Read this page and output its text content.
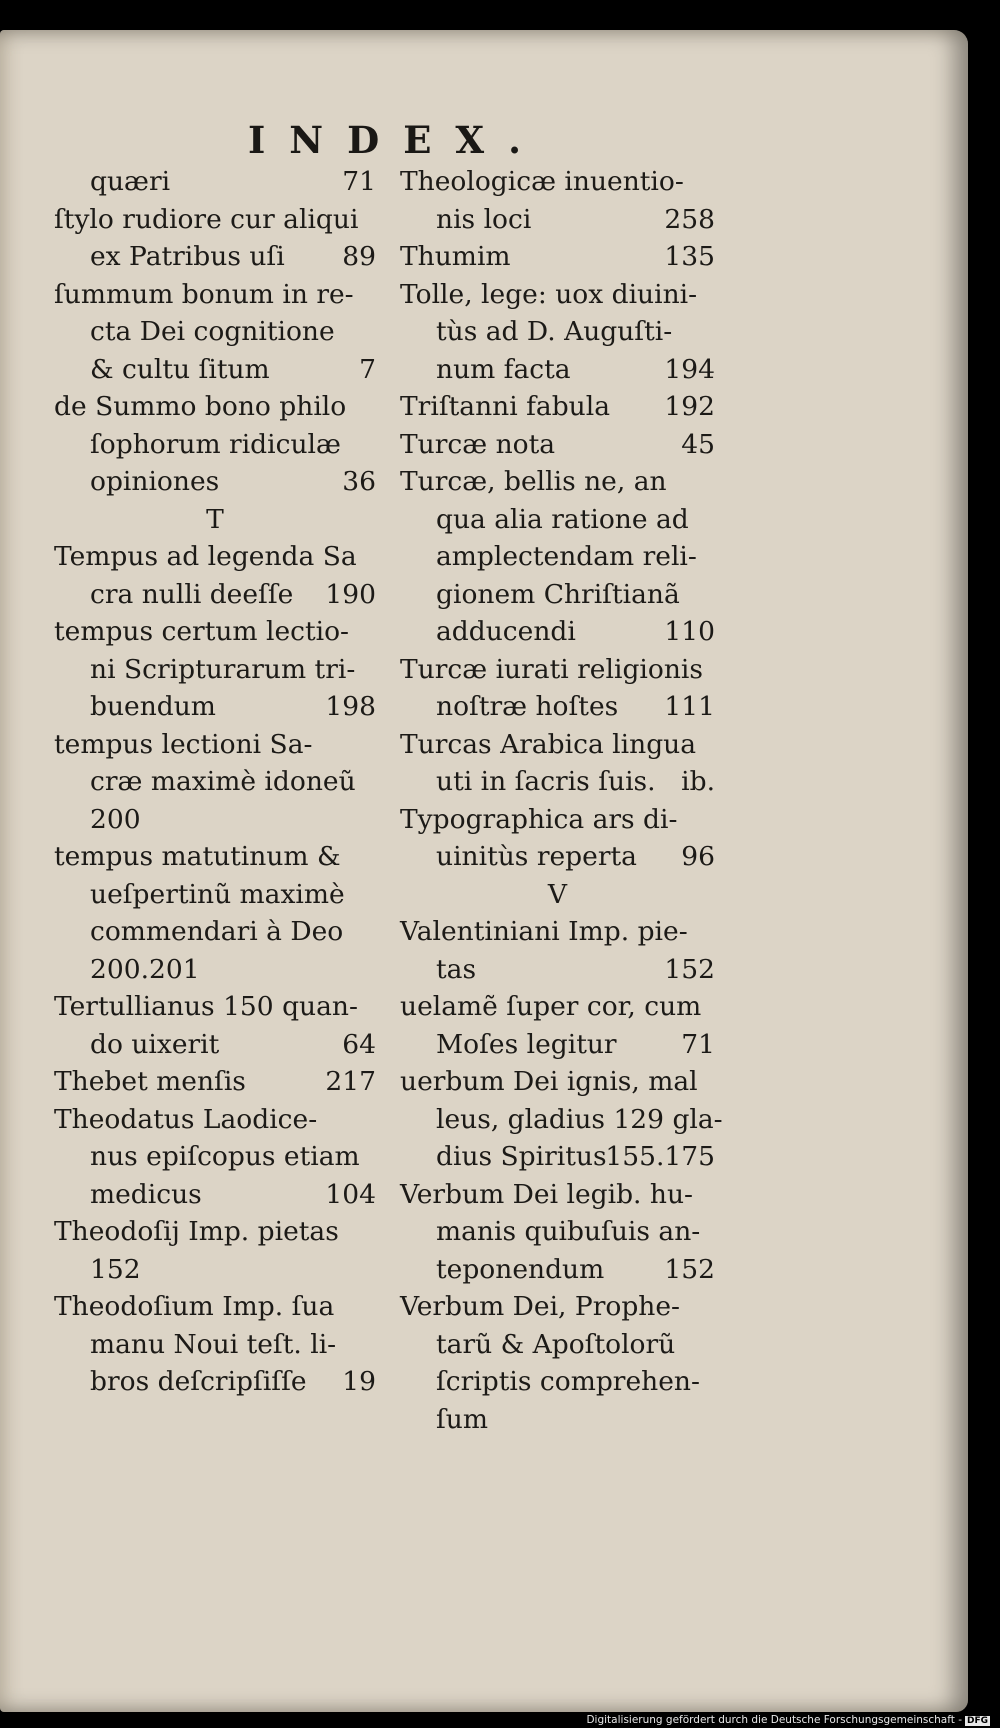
INDEX.
quæri	71
ſtylo rudiore cur aliqui
ex Patribus uſi 89
ſummum bonum in re-
cta Dei cognitione
& cultu ſitum	7
de Summo bono philo
ſophorum ridiculæ
opiniones	36
T
Tempus ad legenda Sa
cra nulli deeſſe 190
tempus certum lectio-
ni Scripturarum tri-
buendum	198
tempus lectioni Sa-
cræ maximè idoneũ
200
tempus matutinum &
ueſpertinũ maximè
commendari à Deo
200.201
Tertullianus 150 quan-
do uixerit	64
Thebet menſis	217
Theodatus Laodice-
nus epiſcopus etiam
medicus	104
Theodoſij Imp. pietas
152
Theodoſium Imp. ſua
manu Noui teſt. li-
bros deſcripſiſſe 19
Theologicæ inuentio-
nis loci	258
Thumim	135
Tolle, lege: uox diuini-
tùs ad D. Auguſti-
num facta	194
Triſtanni fabula 192
Turcæ nota	45
Turcæ, bellis ne, an
qua alia ratione ad
amplectendam reli-
gionem Chriſtianã
adducendi	110
Turcæ iurati religionis
noſtræ hoſtes 111
Turcas Arabica lingua
uti in ſacris ſuis. ib.
Typographica ars di-
uinitùs reperta 96
V
Valentiniani Imp. pie-
tas	152
uelamẽ ſuper cor, cum
Moſes legitur 71
uerbum Dei ignis, mal
leus, gladius 129 gla-
dius Spiritus
155.175
Verbum Dei legib. hu-
manis quibuſuis an-
teponendum 152
Verbum Dei, Prophe-
tarũ & Apoſtolorũ
ſcriptis comprehen-
ſum
Digitalisierung gefördert durch die Deutsche Forschungsgemeinschaft - DFG
